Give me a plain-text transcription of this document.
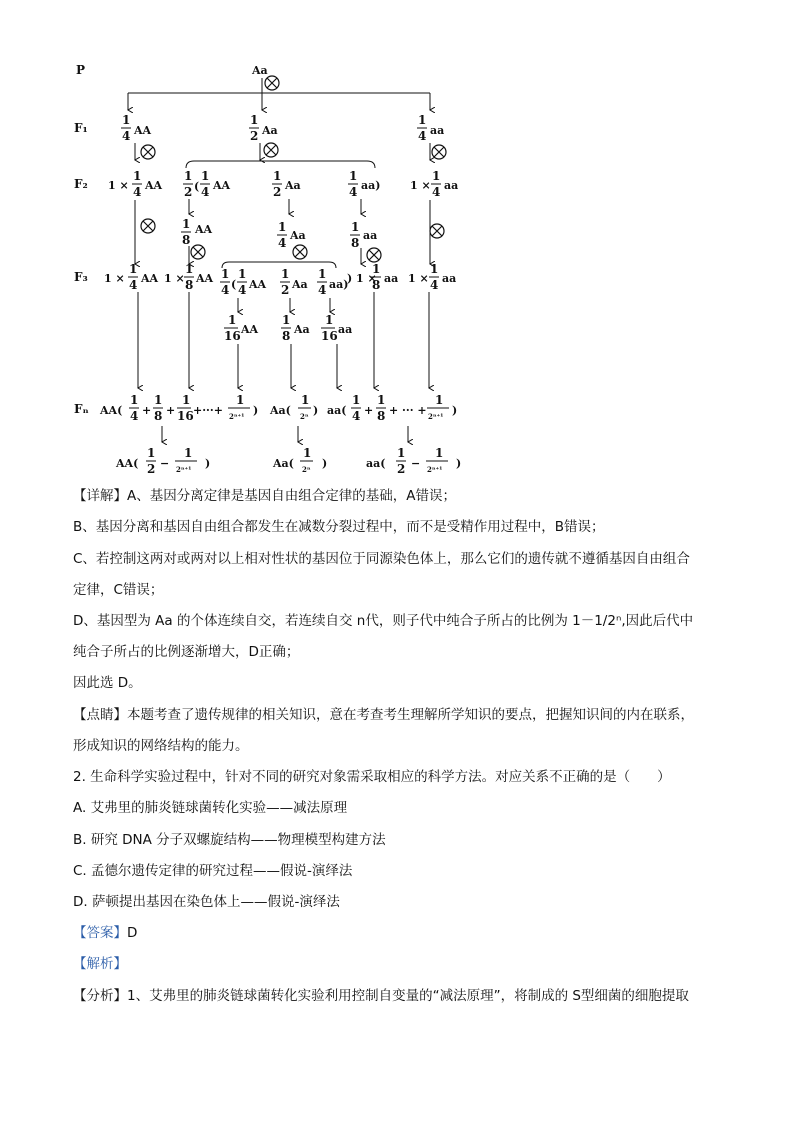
P
F₁
F₂
F₃
Fₙ
Aa
1
4 AA
1
2 Aa
1
4 aa
1 ×
1
4 AA
1
2 (
1
4 AA
1
2 Aa
1
4 aa)	1 ×
1
4 aa
1
8
AA	1
4
Aa
1
8
aa
1 ×
1
4 AA 1 ×
1
8 AA 1
4 (
1
4 AA
1
2 Aa
1
4 aa)
) 1 ×
1
8 aa 1 ×
1
4 aa
1
16 AA
1
8 Aa
1
16 aa
AA(
1
4 +
1
8 +
1
16 +···+
1
2ⁿ⁺¹ ) Aa(
1
2ⁿ ) aa(
1
4 +
1
8 + ··· +
1
2ⁿ⁺¹ )
AA(
1
2 −
1
2ⁿ⁺¹ )	Aa(
1
2ⁿ )	aa(
1
2 −
1
2ⁿ⁺¹ )
【详解】A、基因分离定律是基因自由组合定律的基础，A错误；
B、基因分离和基因自由组合都发生在减数分裂过程中，而不是受精作用过程中，B错误；
C、若控制这两对或两对以上相对性状的基因位于同源染色体上，那么它们的遗传就不遵循基因自由组合
定律，C错误；
D、基因型为 Aa 的个体连续自交，若连续自交 n代，则子代中纯合子所占的比例为 1－1/2ⁿ,因此后代中
纯合子所占的比例逐渐增大，D正确；
因此选 D。
【点睛】本题考查了遗传规律的相关知识，意在考查考生理解所学知识的要点，把握知识间的内在联系，
形成知识的网络结构的能力。
2. 生命科学实验过程中，针对不同的研究对象需采取相应的科学方法。对应关系不正确的是（　　）
A. 艾弗里的肺炎链球菌转化实验——减法原理
B. 研究 DNA 分子双螺旋结构——物理模型构建方法
C. 孟德尔遗传定律的研究过程——假说-演绎法
D. 萨顿提出基因在染色体上——假说-演绎法
【答案】D
【解析】
【分析】1、艾弗里的肺炎链球菌转化实验利用控制自变量的“减法原理”，将制成的 S型细菌的细胞提取
